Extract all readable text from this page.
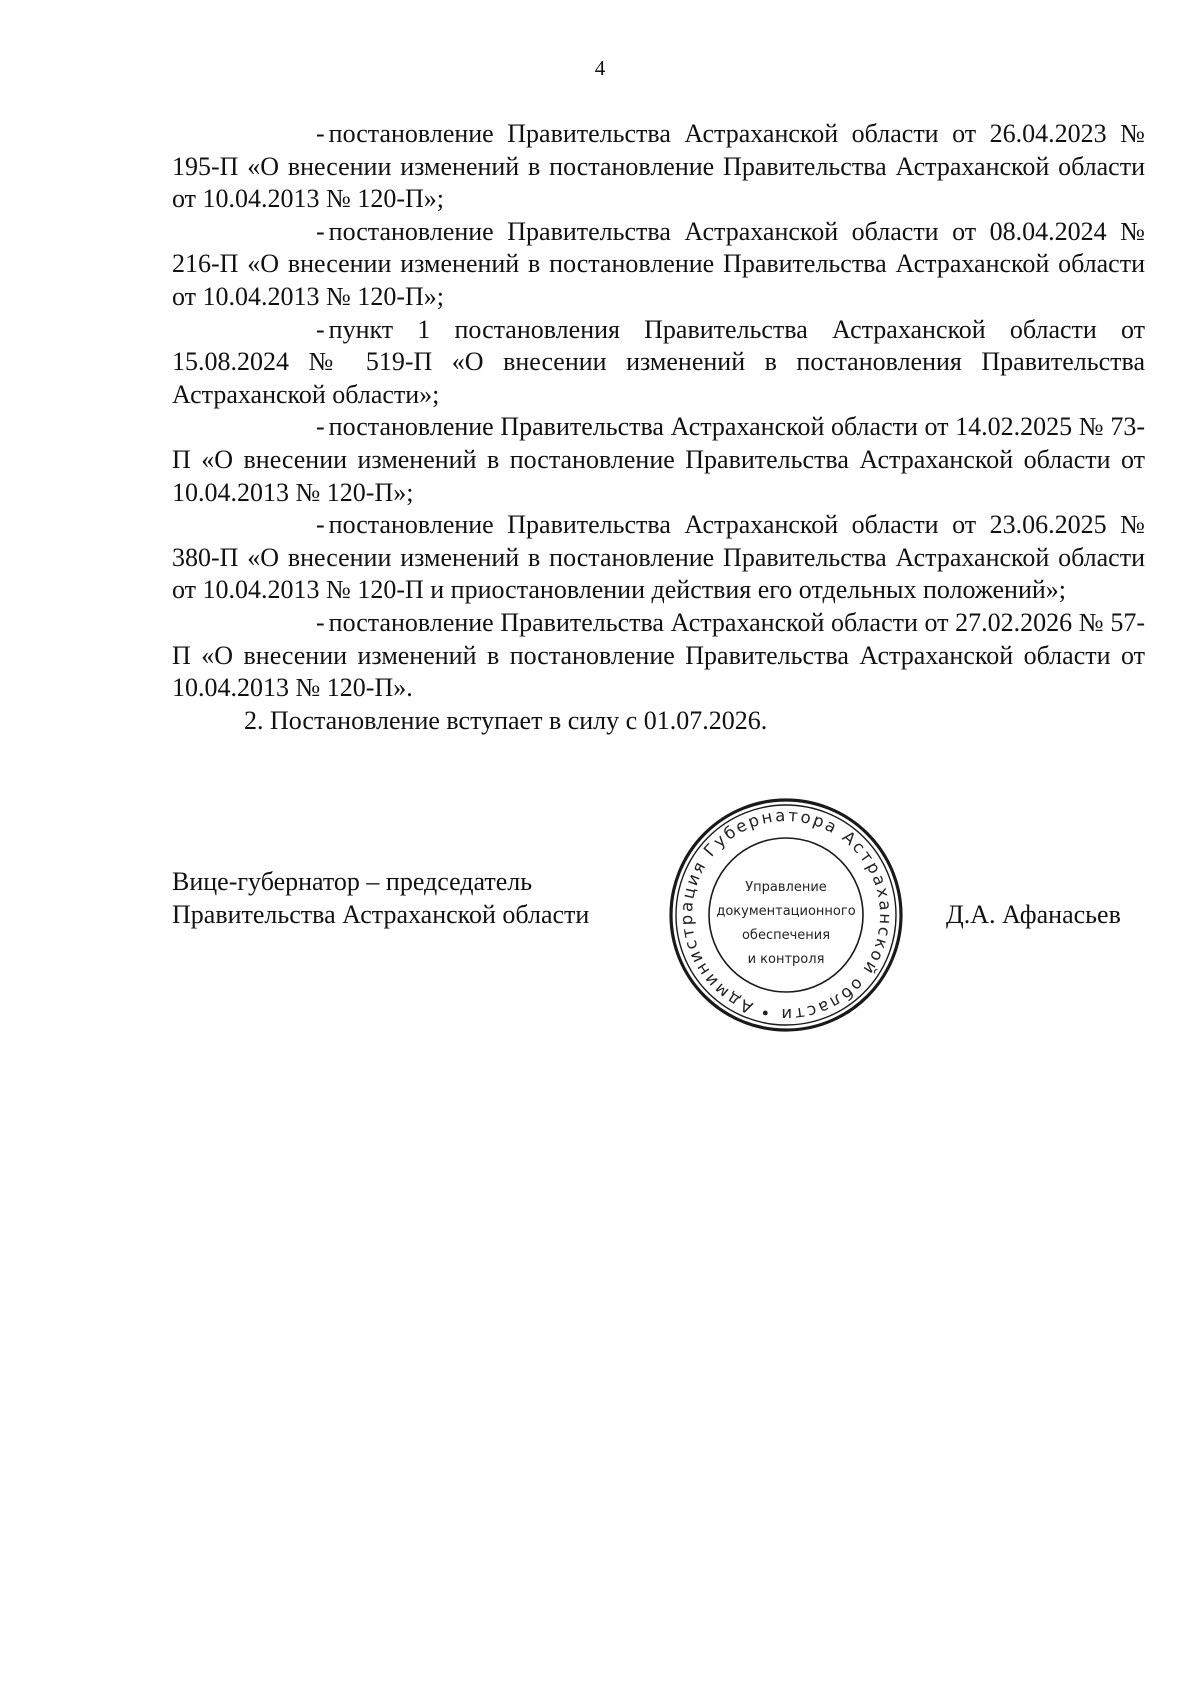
4

- постановление Правительства Астраханской области от 26.04.2023 № 195-П «О внесении изменений в постановление Правительства Астраханской области от 10.04.2013 № 120-П»;

- постановление Правительства Астраханской области от 08.04.2024 № 216-П «О внесении изменений в постановление Правительства Астраханской области от 10.04.2013 № 120-П»;

- пункт 1 постановления Правительства Астраханской области от 15.08.2024 № 519-П «О внесении изменений в постановления Правительства Астраханской области»;

- постановление Правительства Астраханской области от 14.02.2025 № 73-П «О внесении изменений в постановление Правительства Астраханской области от 10.04.2013 № 120-П»;

- постановление Правительства Астраханской области от 23.06.2025 № 380-П «О внесении изменений в постановление Правительства Астраханской области от 10.04.2013 № 120-П и приостановлении действия его отдельных положений»;

- постановление Правительства Астраханской области от 27.02.2026 № 57-П «О внесении изменений в постановление Правительства Астраханской области от 10.04.2013 № 120-П».

2. Постановление вступает в силу с 01.07.2026.

Вице-губернатор – председатель
Правительства Астраханской области
Администрация Губернатора Астраханской области •
Управление
документационного
обеспечения
и контроля
Д.А. Афанасьев
